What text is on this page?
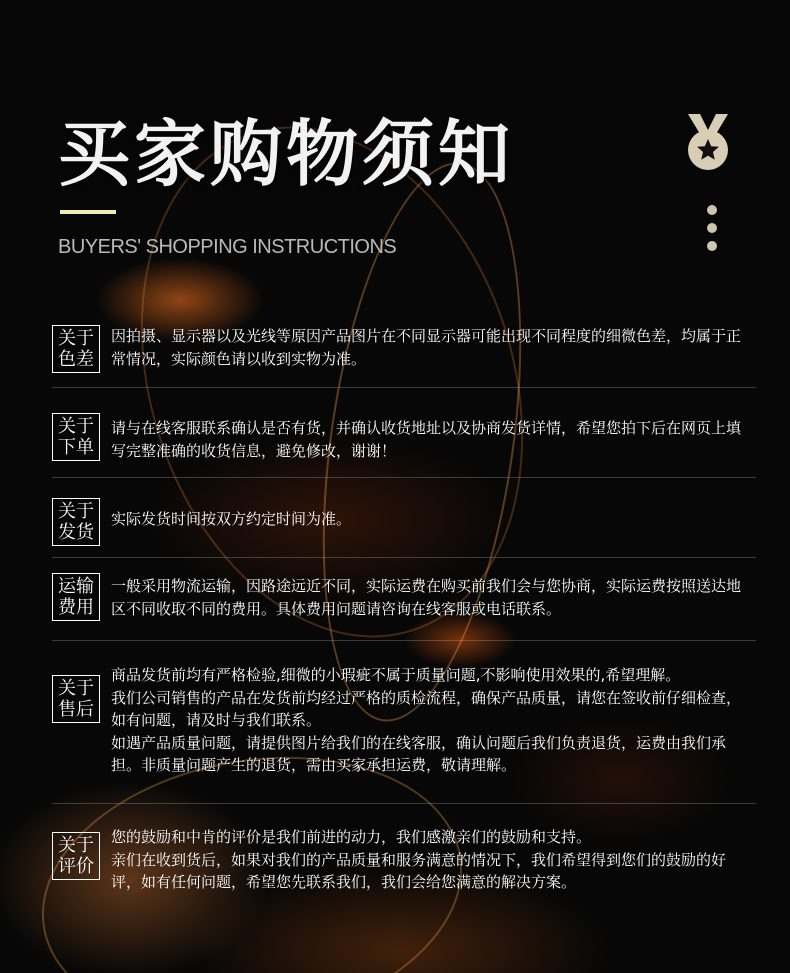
买家购物须知
BUYERS' SHOPPING INSTRUCTIONS
关于
色差

因拍摄、显示器以及光线等原因产品图片在不同显示器可能出现不同程度的细微色差，均属于正常情况，实际颜色请以收到实物为准。

关于
下单

请与在线客服联系确认是否有货，并确认收货地址以及协商发货详情，希望您拍下后在网页上填写完整准确的收货信息，避免修改，谢谢！

关于
发货

实际发货时间按双方约定时间为准。

运输
费用

一般采用物流运输，因路途远近不同，实际运费在购买前我们会与您协商，实际运费按照送达地区不同收取不同的费用。具体费用问题请咨询在线客服或电话联系。

关于
售后

商品发货前均有严格检验,细微的小瑕疵不属于质量问题,不影响使用效果的,希望理解。

我们公司销售的产品在发货前均经过严格的质检流程，确保产品质量，请您在签收前仔细检查，如有问题，请及时与我们联系。

如遇产品质量问题，请提供图片给我们的在线客服，确认问题后我们负责退货，运费由我们承担。非质量问题产生的退货，需由买家承担运费，敬请理解。

关于
评价

您的鼓励和中肯的评价是我们前进的动力，我们感激亲们的鼓励和支持。

亲们在收到货后，如果对我们的产品质量和服务满意的情况下，我们希望得到您们的鼓励的好评，如有任何问题，希望您先联系我们，我们会给您满意的解决方案。
